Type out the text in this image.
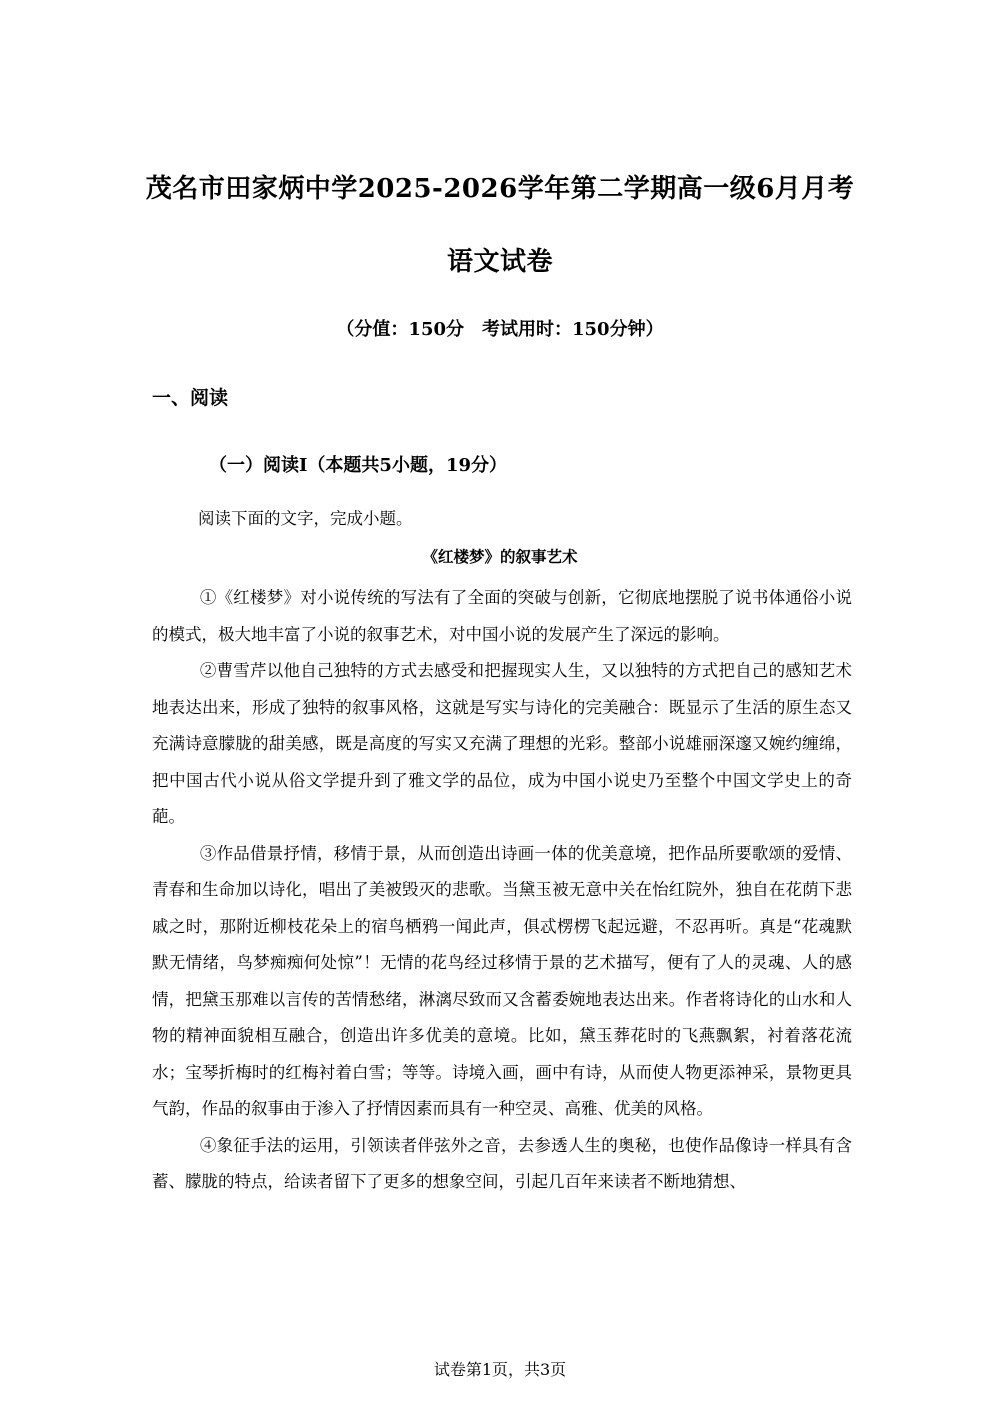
茂名市田家炳中学2025-2026学年第二学期高一级6月月考
语文试卷
（分值：150分　考试用时：150分钟）
一、阅读
（一）阅读I（本题共5小题，19分）
阅读下面的文字，完成小题。
《红楼梦》的叙事艺术

①《红楼梦》对小说传统的写法有了全面的突破与创新，它彻底地摆脱了说书体通俗小说的模式，极大地丰富了小说的叙事艺术，对中国小说的发展产生了深远的影响。

②曹雪芹以他自己独特的方式去感受和把握现实人生，又以独特的方式把自己的感知艺术地表达出来，形成了独特的叙事风格，这就是写实与诗化的完美融合：既显示了生活的原生态又充满诗意朦胧的甜美感，既是高度的写实又充满了理想的光彩。整部小说雄丽深邃又婉约缠绵，把中国古代小说从俗文学提升到了雅文学的品位，成为中国小说史乃至整个中国文学史上的奇葩。

③作品借景抒情，移情于景，从而创造出诗画一体的优美意境，把作品所要歌颂的爱情、青春和生命加以诗化，唱出了美被毁灭的悲歌。当黛玉被无意中关在怡红院外，独自在花荫下悲戚之时，那附近柳枝花朵上的宿鸟栖鸦一闻此声，俱忒楞楞飞起远避，不忍再听。真是“花魂默默无情绪，鸟梦痴痴何处惊”！无情的花鸟经过移情于景的艺术描写，便有了人的灵魂、人的感情，把黛玉那难以言传的苦情愁绪，淋漓尽致而又含蓄委婉地表达出来。作者将诗化的山水和人物的精神面貌相互融合，创造出许多优美的意境。比如，黛玉葬花时的飞燕飘絮，衬着落花流水；宝琴折梅时的红梅衬着白雪；等等。诗境入画，画中有诗，从而使人物更添神采，景物更具气韵，作品的叙事由于渗入了抒情因素而具有一种空灵、高雅、优美的风格。

④象征手法的运用，引领读者伴弦外之音，去参透人生的奥秘，也使作品像诗一样具有含蓄、朦胧的特点，给读者留下了更多的想象空间，引起几百年来读者不断地猜想、

试卷第1页，共3页
